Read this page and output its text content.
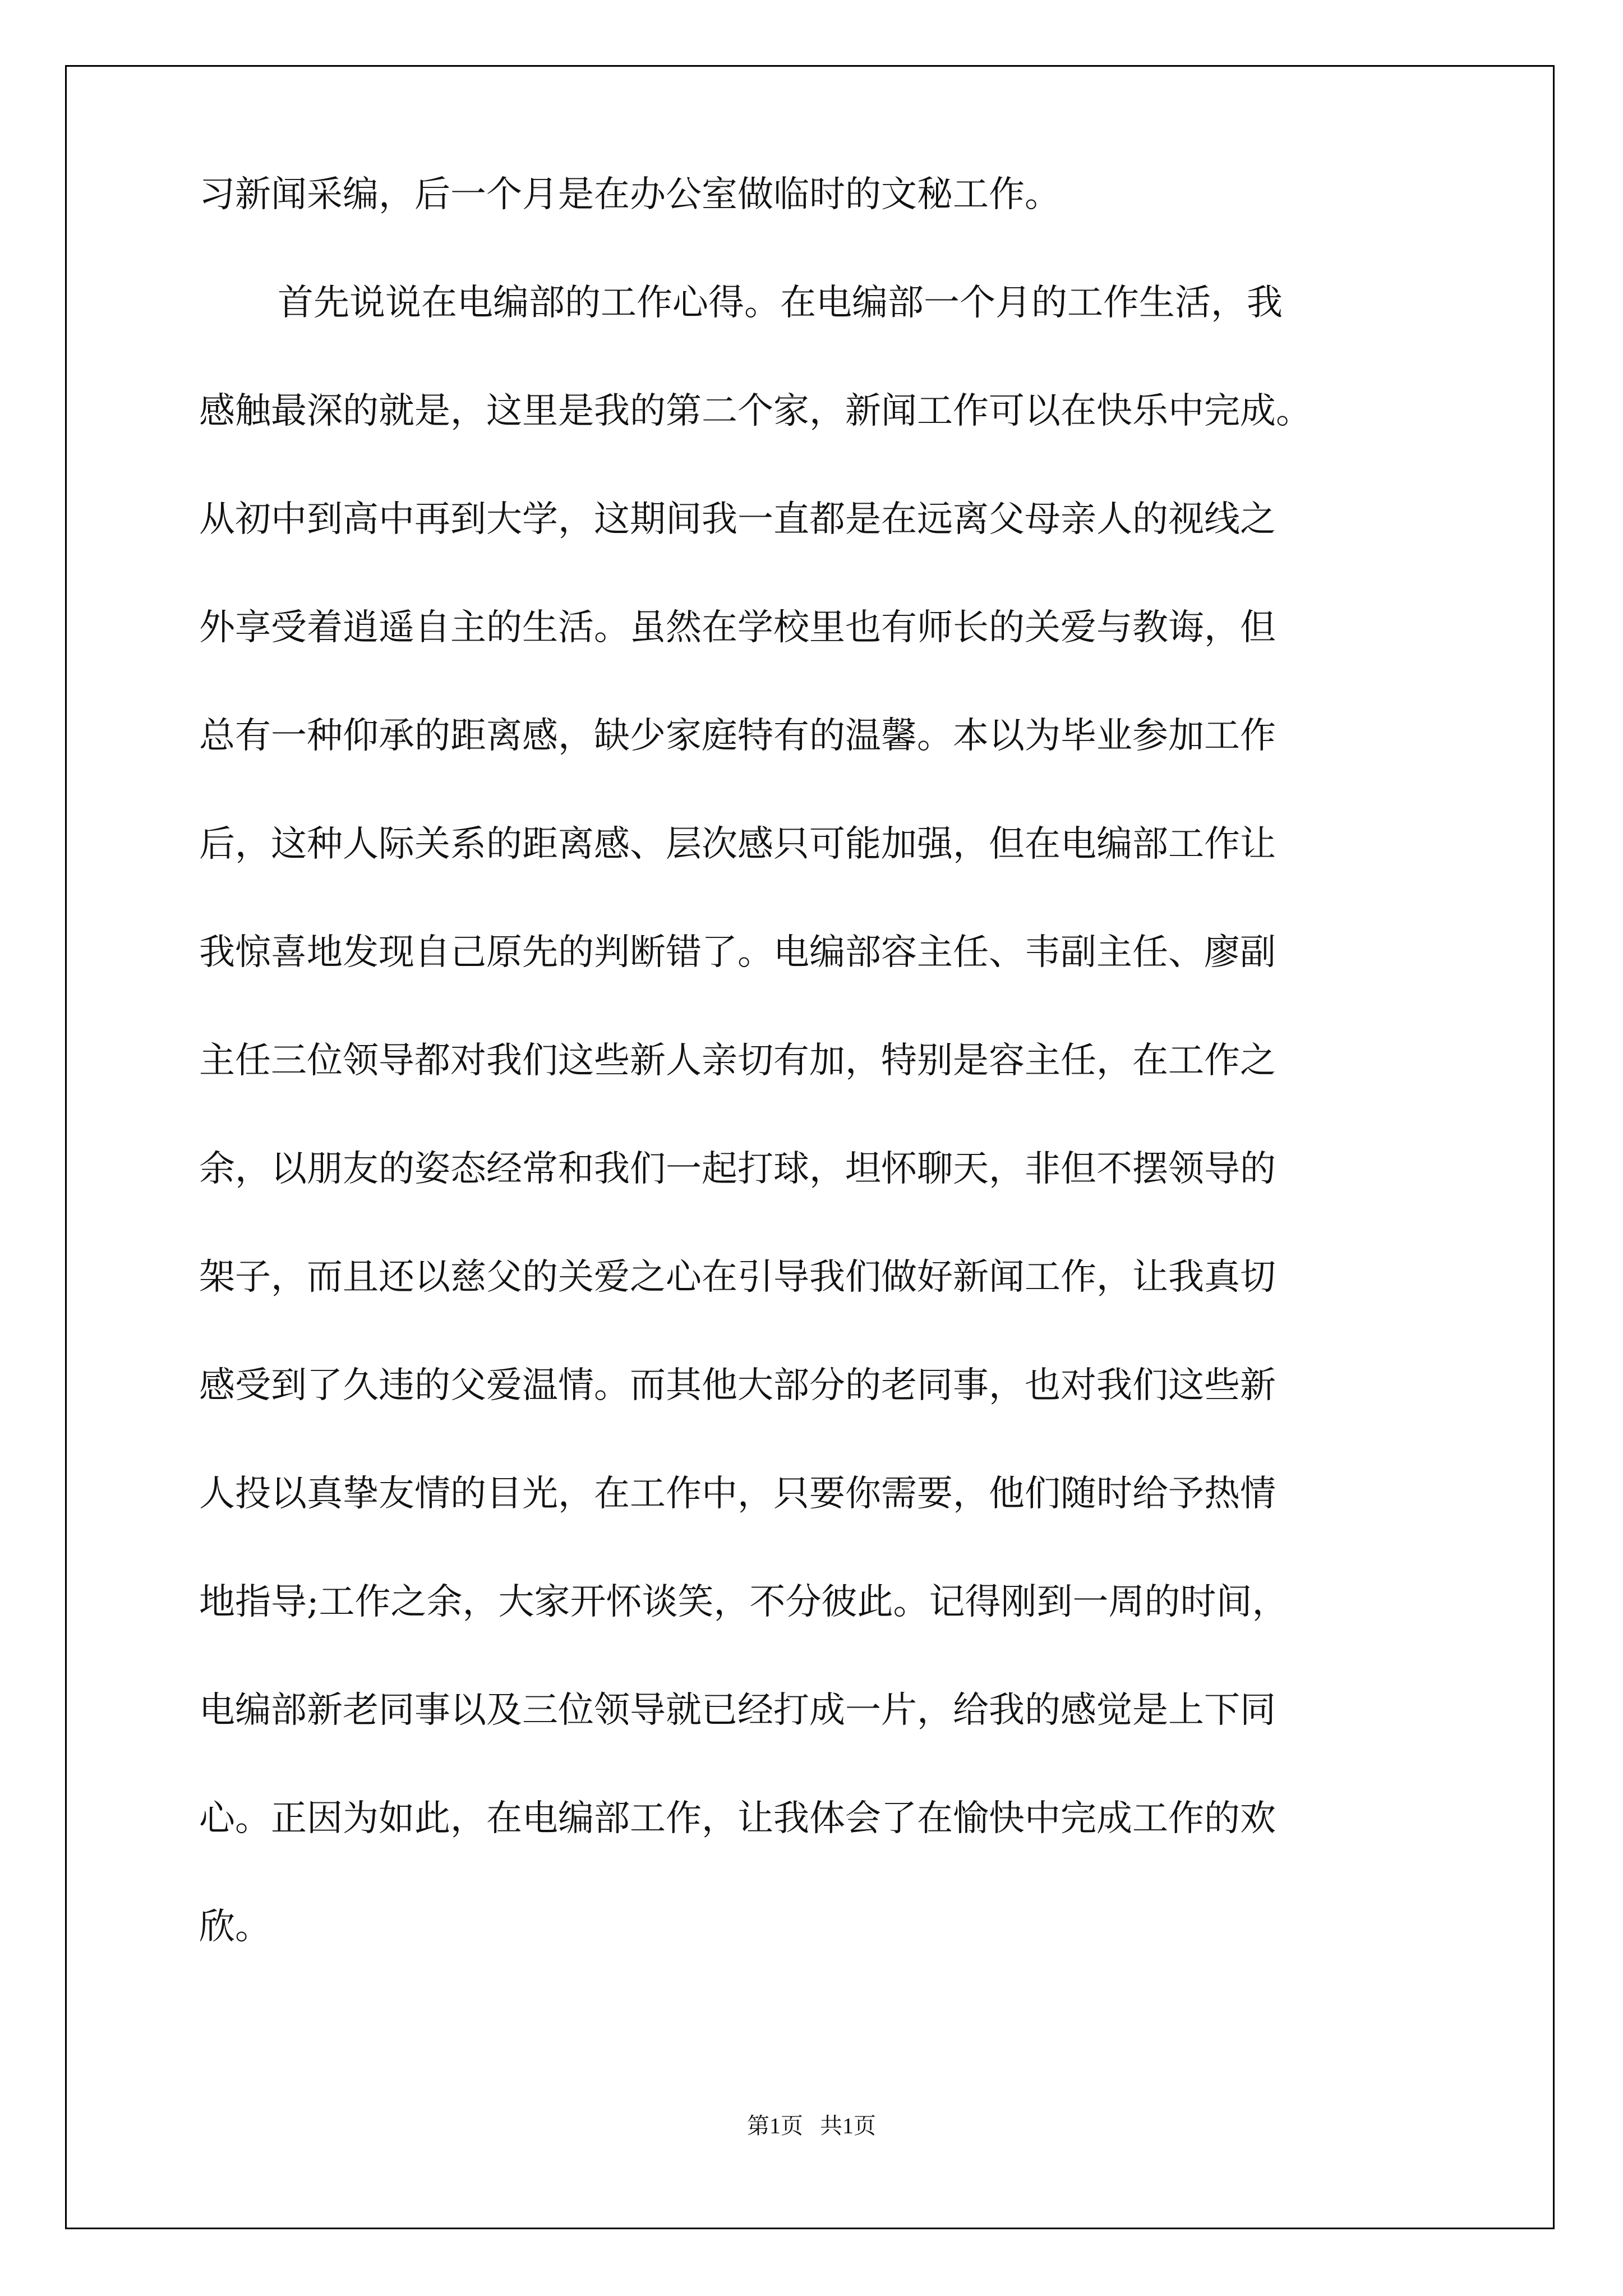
习新闻采编，后一个月是在办公室做临时的文秘工作。
首先说说在电编部的工作心得。在电编部一个月的工作生活，我
感触最深的就是，这里是我的第二个家，新闻工作可以在快乐中完成。
从初中到高中再到大学，这期间我一直都是在远离父母亲人的视线之
外享受着逍遥自主的生活。虽然在学校里也有师长的关爱与教诲，但
总有一种仰承的距离感，缺少家庭特有的温馨。本以为毕业参加工作
后，这种人际关系的距离感、层次感只可能加强，但在电编部工作让
我惊喜地发现自己原先的判断错了。电编部容主任、韦副主任、廖副
主任三位领导都对我们这些新人亲切有加，特别是容主任，在工作之
余，以朋友的姿态经常和我们一起打球，坦怀聊天，非但不摆领导的
架子，而且还以慈父的关爱之心在引导我们做好新闻工作，让我真切
感受到了久违的父爱温情。而其他大部分的老同事，也对我们这些新
人投以真挚友情的目光，在工作中，只要你需要，他们随时给予热情
地指导;工作之余，大家开怀谈笑，不分彼此。记得刚到一周的时间，
电编部新老同事以及三位领导就已经打成一片，给我的感觉是上下同
心。正因为如此，在电编部工作，让我体会了在愉快中完成工作的欢
欣。
第1页   共1页
